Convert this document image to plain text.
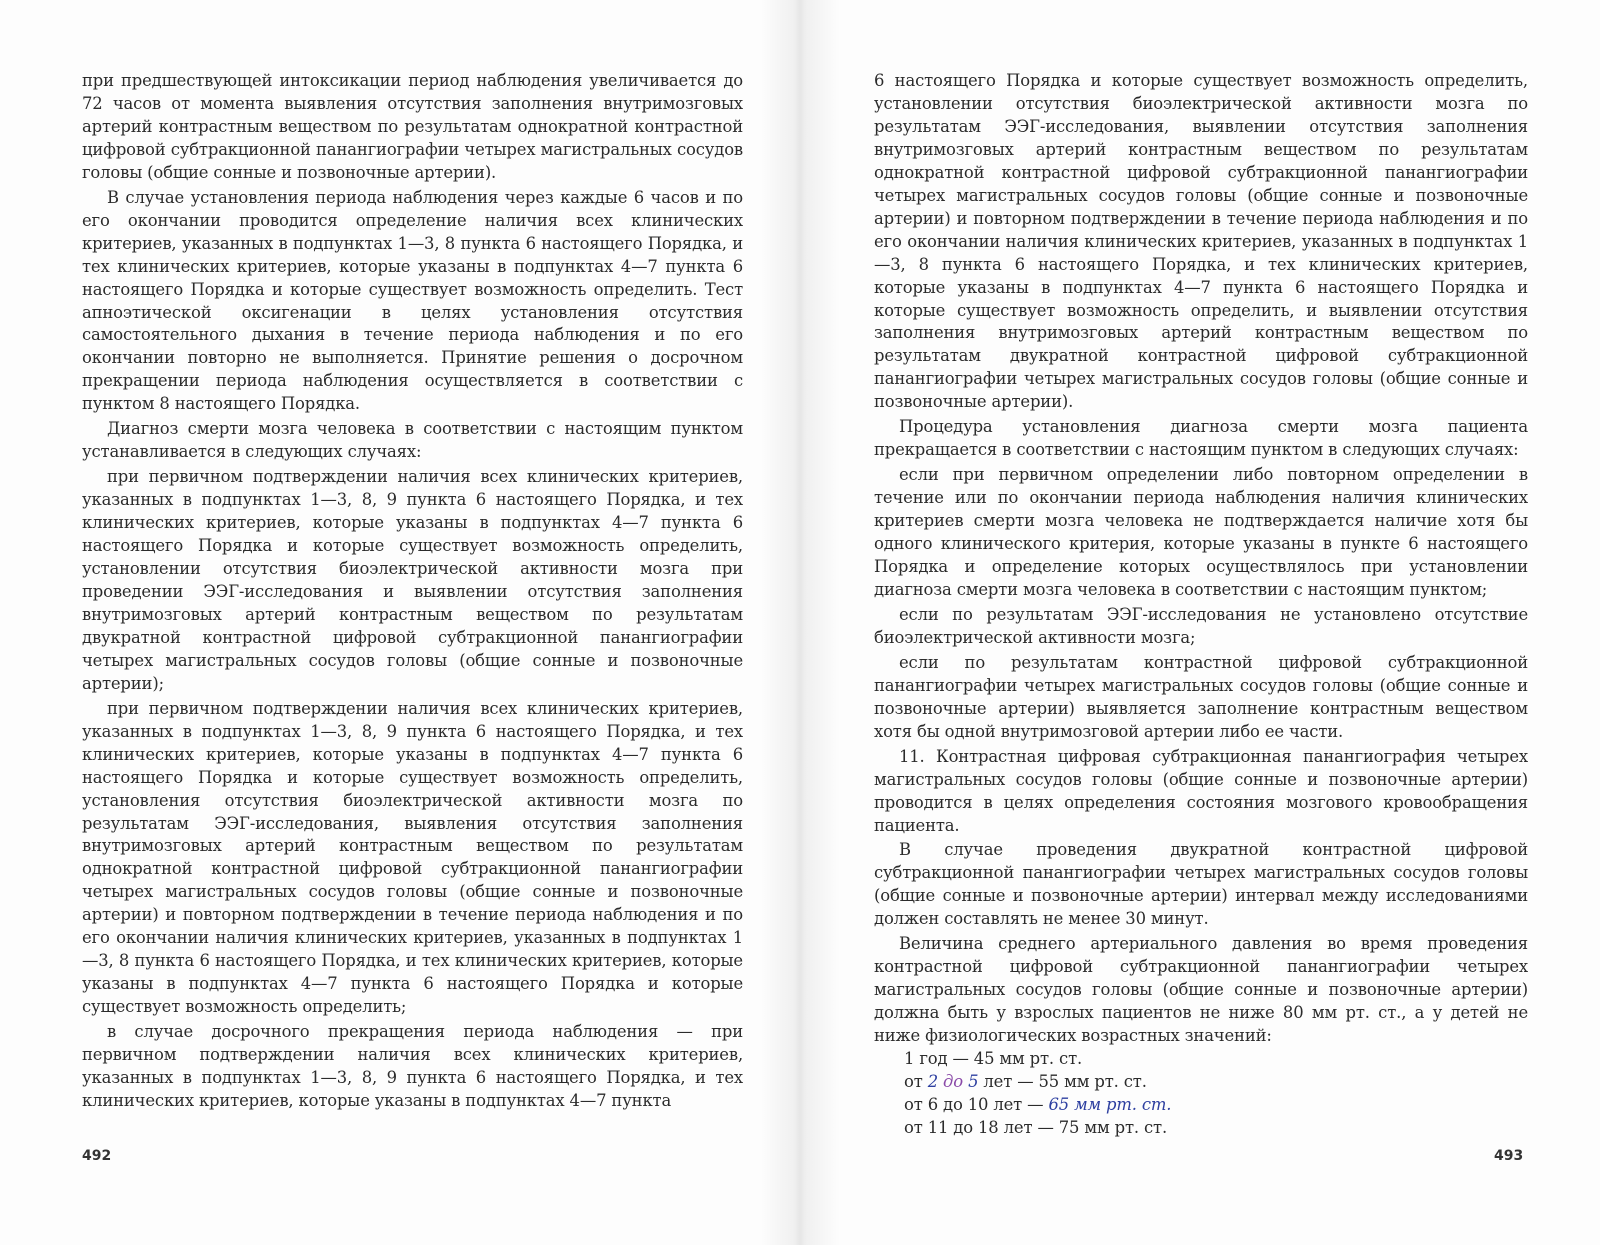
при предшествующей интоксикации период наблюдения увеличивается до 72 часов от момента выявления отсутствия заполнения внутримозговых артерий контрастным веществом по результатам однократной контрастной цифровой субтракционной панангиографии четырех магистральных сосудов головы (общие сонные и позвоночные артерии).

В случае установления периода наблюдения через каждые 6 часов и по его окончании проводится определение наличия всех клинических критериев, указанных в подпунктах 1—3, 8 пункта 6 настоящего Порядка, и тех клинических критериев, которые указаны в подпунктах 4—7 пункта 6 настоящего Порядка и которые существует возможность определить. Тест апноэтической оксигенации в целях установления отсутствия самостоятельного дыхания в течение периода наблюдения и по его окончании повторно не выполняется. Принятие решения о досрочном прекращении периода наблюдения осуществляется в соответствии с пунктом 8 настоящего Порядка.

Диагноз смерти мозга человека в соответствии с настоящим пунктом устанавливается в следующих случаях:

при первичном подтверждении наличия всех клинических критериев, указанных в подпунктах 1—3, 8, 9 пункта 6 настоящего Порядка, и тех клинических критериев, которые указаны в подпунктах 4—7 пункта 6 настоящего Порядка и которые существует возможность определить, установлении отсутствия биоэлектрической активности мозга при проведении ЭЭГ-исследования и выявлении отсутствия заполнения внутримозговых артерий контрастным веществом по результатам двукратной контрастной цифровой субтракционной панангиографии четырех магистральных сосудов головы (общие сонные и позвоночные артерии);

при первичном подтверждении наличия всех клинических критериев, указанных в подпунктах 1—3, 8, 9 пункта 6 настоящего Порядка, и тех клинических критериев, которые указаны в подпунктах 4—7 пункта 6 настоящего Порядка и которые существует возможность определить, установления отсутствия биоэлектрической активности мозга по результатам ЭЭГ-исследования, выявления отсутствия заполнения внутримозговых артерий контрастным веществом по результатам однократной контрастной цифровой субтракционной панангиографии четырех магистральных сосудов головы (общие сонные и позвоночные артерии) и повторном подтверждении в течение периода наблюдения и по его окончании наличия клинических критериев, указанных в подпунктах 1—3, 8 пункта 6 настоящего Порядка, и тех клинических критериев, которые указаны в подпунктах 4—7 пункта 6 настоящего Порядка и которые существует возможность определить;

в случае досрочного прекращения периода наблюдения — при первичном подтверждении наличия всех клинических критериев, указанных в подпунктах 1—3, 8, 9 пункта 6 настоящего Порядка, и тех клинических критериев, которые указаны в подпунктах 4—7 пункта

492

6 настоящего Порядка и которые существует возможность определить, установлении отсутствия биоэлектрической активности мозга по результатам ЭЭГ-исследования, выявлении отсутствия заполнения внутримозговых артерий контрастным веществом по результатам однократной контрастной цифровой субтракционной панангиографии четырех магистральных сосудов головы (общие сонные и позвоночные артерии) и повторном подтверждении в течение периода наблюдения и по его окончании наличия клинических критериев, указанных в подпунктах 1—3, 8 пункта 6 настоящего Порядка, и тех клинических критериев, которые указаны в подпунктах 4—7 пункта 6 настоящего Порядка и которые существует возможность определить, и выявлении отсутствия заполнения внутримозговых артерий контрастным веществом по результатам двукратной контрастной цифровой субтракционной панангиографии четырех магистральных сосудов головы (общие сонные и позвоночные артерии).

Процедура установления диагноза смерти мозга пациента прекращается в соответствии с настоящим пунктом в следующих случаях:

если при первичном определении либо повторном определении в течение или по окончании периода наблюдения наличия клинических критериев смерти мозга человека не подтверждается наличие хотя бы одного клинического критерия, которые указаны в пункте 6 настоящего Порядка и определение которых осуществлялось при установлении диагноза смерти мозга человека в соответствии с настоящим пунктом;

если по результатам ЭЭГ-исследования не установлено отсутствие биоэлектрической активности мозга;

если по результатам контрастной цифровой субтракционной панангиографии четырех магистральных сосудов головы (общие сонные и позвоночные артерии) выявляется заполнение контрастным веществом хотя бы одной внутримозговой артерии либо ее части.

11. Контрастная цифровая субтракционная панангиография четырех магистральных сосудов головы (общие сонные и позвоночные артерии) проводится в целях определения состояния мозгового кровообращения пациента.

В случае проведения двукратной контрастной цифровой субтракционной панангиографии четырех магистральных сосудов головы (общие сонные и позвоночные артерии) интервал между исследованиями должен составлять не менее 30 минут.

Величина среднего артериального давления во время проведения контрастной цифровой субтракционной панангиографии четырех магистральных сосудов головы (общие сонные и позвоночные артерии) должна быть у взрослых пациентов не ниже 80 мм рт. ст., а у детей не ниже физиологических возрастных значений:

1 год — 45 мм рт. ст.

от 2 до 5 лет — 55 мм рт. ст.

от 6 до 10 лет — 65 мм рт. ст.

от 11 до 18 лет — 75 мм рт. ст.

493
